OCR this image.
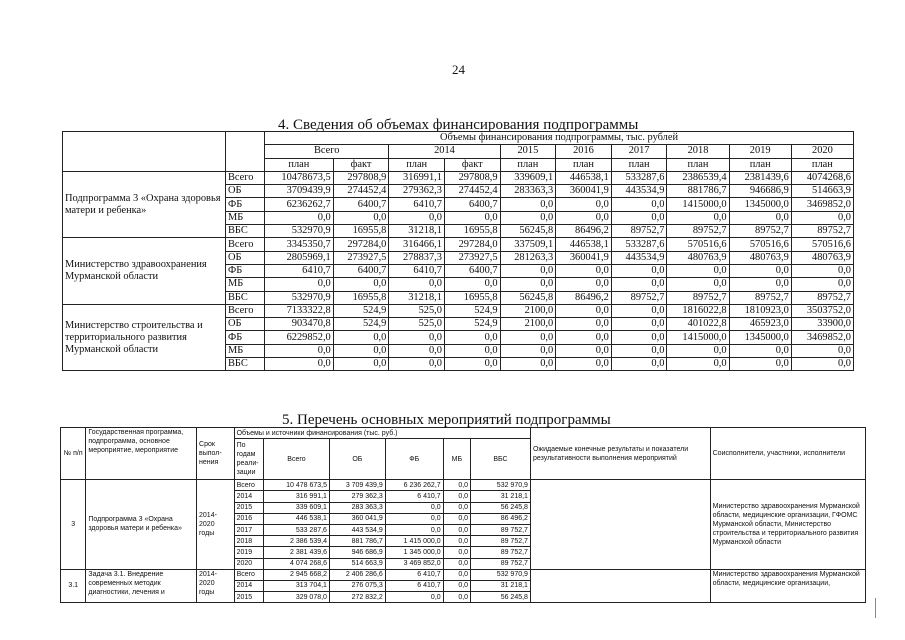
24
4. Сведения об объемах финансирования подпрограммы
		Объемы финансирования подпрограммы, тыс. рублей									
		Всего		2014		2015	2016	2017	2018	2019	2020
		план	факт	план	факт	план	план	план	план	план	план
Подпрограмма 3 «Охрана здоровья матери и ребенка»	Всего	10478673,5	297808,9	316991,1	297808,9	339609,1	446538,1	533287,6	2386539,4	2381439,6	4074268,6
	ОБ	3709439,9	274452,4	279362,3	274452,4	283363,3	360041,9	443534,9	881786,7	946686,9	514663,9
	ФБ	6236262,7	6400,7	6410,7	6400,7	0,0	0,0	0,0	1415000,0	1345000,0	3469852,0
	МБ	0,0	0,0	0,0	0,0	0,0	0,0	0,0	0,0	0,0	0,0
	ВБС	532970,9	16955,8	31218,1	16955,8	56245,8	86496,2	89752,7	89752,7	89752,7	89752,7
Министерство здравоохранения Мурманской области	Всего	3345350,7	297284,0	316466,1	297284,0	337509,1	446538,1	533287,6	570516,6	570516,6	570516,6
	ОБ	2805969,1	273927,5	278837,3	273927,5	281263,3	360041,9	443534,9	480763,9	480763,9	480763,9
	ФБ	6410,7	6400,7	6410,7	6400,7	0,0	0,0	0,0	0,0	0,0	0,0
	МБ	0,0	0,0	0,0	0,0	0,0	0,0	0,0	0,0	0,0	0,0
	ВБС	532970,9	16955,8	31218,1	16955,8	56245,8	86496,2	89752,7	89752,7	89752,7	89752,7
Министерство строительства и территориального развития Мурманской области	Всего	7133322,8	524,9	525,0	524,9	2100,0	0,0	0,0	1816022,8	1810923,0	3503752,0
	ОБ	903470,8	524,9	525,0	524,9	2100,0	0,0	0,0	401022,8	465923,0	33900,0
	ФБ	6229852,0	0,0	0,0	0,0	0,0	0,0	0,0	1415000,0	1345000,0	3469852,0
	МБ	0,0	0,0	0,0	0,0	0,0	0,0	0,0	0,0	0,0	0,0
	ВБС	0,0	0,0	0,0	0,0	0,0	0,0	0,0	0,0	0,0	0,0
5. Перечень основных мероприятий подпрограммы
№ п/п	Государственная программа, подпрограмма, основное мероприятие, мероприятие	Срок выпол-нения	Объемы и источники финансирования (тыс. руб.)						Ожидаемые конечные результаты и показатели результативности выполнения мероприятий	Соисполнители, участники, исполнители
			По годам реали-зации	Всего	ОБ	ФБ	МБ	ВБС		
3	Подпрограмма 3 «Охрана здоровья матери и ребенка»	2014-2020 годы	Всего	10 478 673,5	3 709 439,9	6 236 262,7	0,0	532 970,9		Министерство здравоохранения Мурманской области, медицинские организации, ГФОМС Мурманской области, Министерство строительства и территориального развития Мурманской области
			2014	316 991,1	279 362,3	6 410,7	0,0	31 218,1		
			2015	339 609,1	283 363,3	0,0	0,0	56 245,8		
			2016	446 538,1	360 041,9	0,0	0,0	86 496,2		
			2017	533 287,6	443 534,9	0,0	0,0	89 752,7		
			2018	2 386 539,4	881 786,7	1 415 000,0	0,0	89 752,7		
			2019	2 381 439,6	946 686,9	1 345 000,0	0,0	89 752,7		
			2020	4 074 268,6	514 663,9	3 469 852,0	0,0	89 752,7		
3.1	Задача 3.1. Внедрение современных методик диагностики, лечения и	2014-2020 годы	Всего	2 945 668,2	2 406 286,6	6 410,7	0,0	532 970,9		Министерство здравоохранения Мурманской области, медицинские организации,
			2014	313 704,1	276 075,3	6 410,7	0,0	31 218,1		
			2015	329 078,0	272 832,2	0,0	0,0	56 245,8		
